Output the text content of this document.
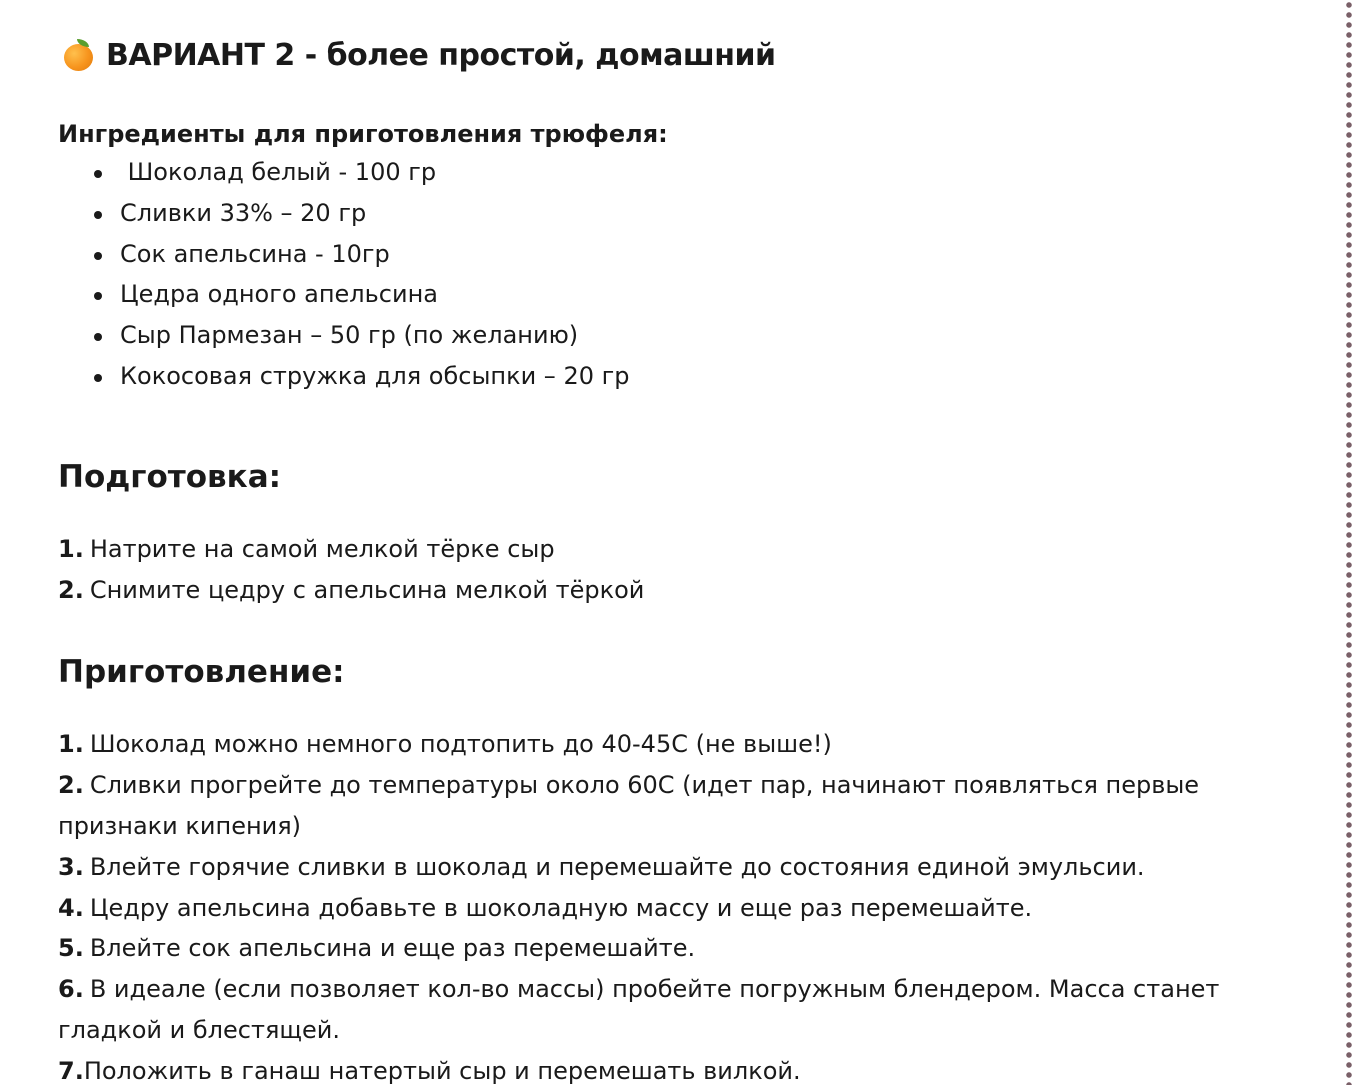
ВАРИАНТ 2 - более простой, домашний
Ингредиенты для приготовления трюфеля:
Шоколад белый - 100 гр
Сливки 33% – 20 гр
Сок апельсина - 10гр
Цедра одного апельсина
Сыр Пармезан – 50 гр (по желанию)
Кокосовая стружка для обсыпки – 20 гр
Подготовка:

1. Натрите на самой мелкой тёрке сыр

2. Снимите цедру с апельсина мелкой тёркой

Приготовление:

1. Шоколад можно немного подтопить до 40-45С (не выше!)

2. Сливки прогрейте до температуры около 60С (идет пар, начинают появляться первые признаки кипения)

3. Влейте горячие сливки в шоколад и перемешайте до состояния единой эмульсии.

4. Цедру апельсина добавьте в шоколадную массу и еще раз перемешайте.

5. Влейте сок апельсина и еще раз перемешайте.

6. В идеале (если позволяет кол-во массы) пробейте погружным блендером. Масса станет гладкой и блестящей.

7.Положить в ганаш натертый сыр и перемешать вилкой.
